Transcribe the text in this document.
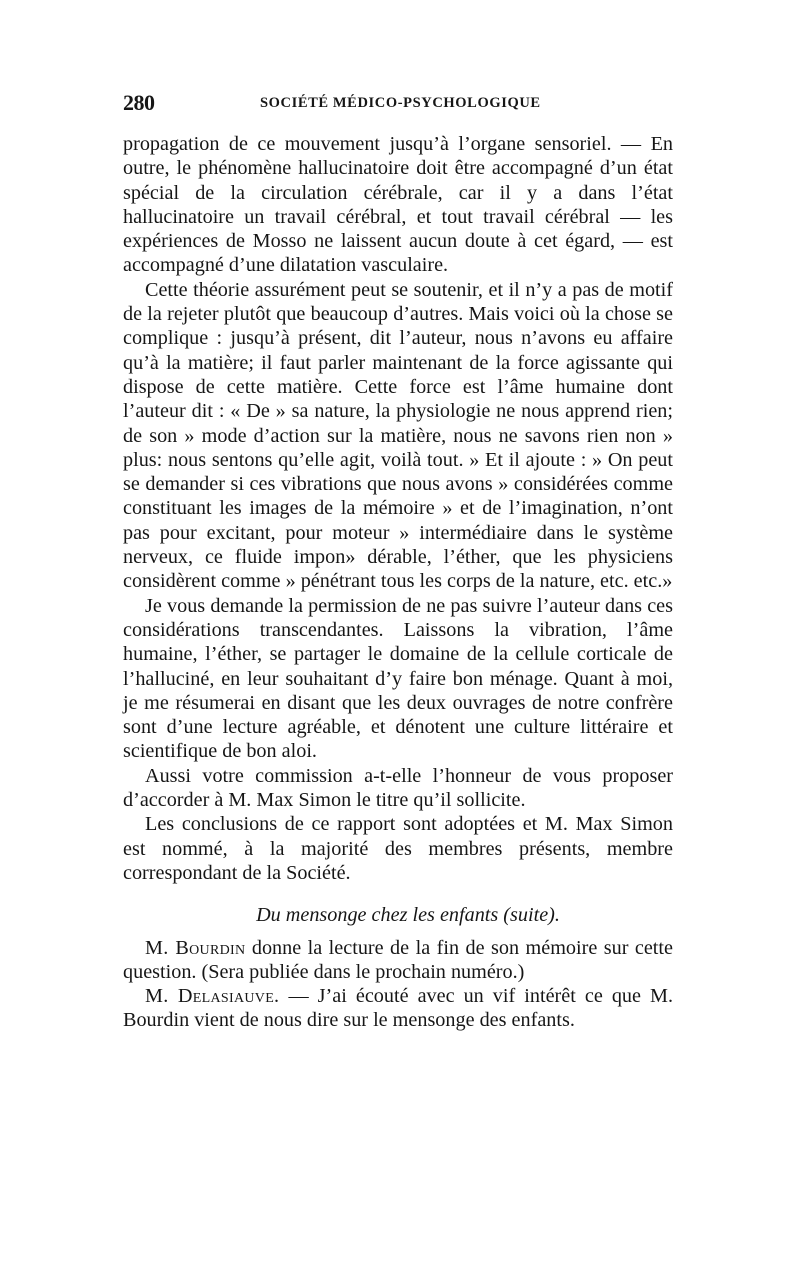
280	SOCIÉTÉ MÉDICO-PSYCHOLOGIQUE

propagation de ce mouvement jusqu’à l’organe sensoriel. — En outre, le phénomène hallucinatoire doit être accompagné d’un état spécial de la circulation cérébrale, car il y a dans l’état hallucinatoire un travail cérébral, et tout travail cérébral — les expériences de Mosso ne laissent aucun doute à cet égard, — est accompagné d’une dilatation vasculaire.

Cette théorie assurément peut se soutenir, et il n’y a pas de motif de la rejeter plutôt que beaucoup d’autres. Mais voici où la chose se complique : jusqu’à présent, dit l’auteur, nous n’avons eu affaire qu’à la matière; il faut parler maintenant de la force agissante qui dispose de cette matière. Cette force est l’âme humaine dont l’auteur dit : « De » sa nature, la physiologie ne nous apprend rien; de son » mode d’action sur la matière, nous ne savons rien non » plus: nous sentons qu’elle agit, voilà tout. » Et il ajoute : » On peut se demander si ces vibrations que nous avons » considérées comme constituant les images de la mémoire » et de l’imagination, n’ont pas pour excitant, pour moteur » intermédiaire dans le système nerveux, ce fluide impon» dérable, l’éther, que les physiciens considèrent comme » pénétrant tous les corps de la nature, etc. etc.»

Je vous demande la permission de ne pas suivre l’auteur dans ces considérations transcendantes. Laissons la vibration, l’âme humaine, l’éther, se partager le domaine de la cellule corticale de l’halluciné, en leur souhaitant d’y faire bon ménage. Quant à moi, je me résumerai en disant que les deux ouvrages de notre confrère sont d’une lecture agréable, et dénotent une culture littéraire et scientifique de bon aloi.

Aussi votre commission a-t-elle l’honneur de vous proposer d’accorder à M. Max Simon le titre qu’il sollicite.

Les conclusions de ce rapport sont adoptées et M. Max Simon est nommé, à la majorité des membres présents, membre correspondant de la Société.

Du mensonge chez les enfants (suite).

M. Bourdin donne la lecture de la fin de son mémoire sur cette question. (Sera publiée dans le prochain numéro.)

M. Delasiauve. — J’ai écouté avec un vif intérêt ce que M. Bourdin vient de nous dire sur le mensonge des enfants.
